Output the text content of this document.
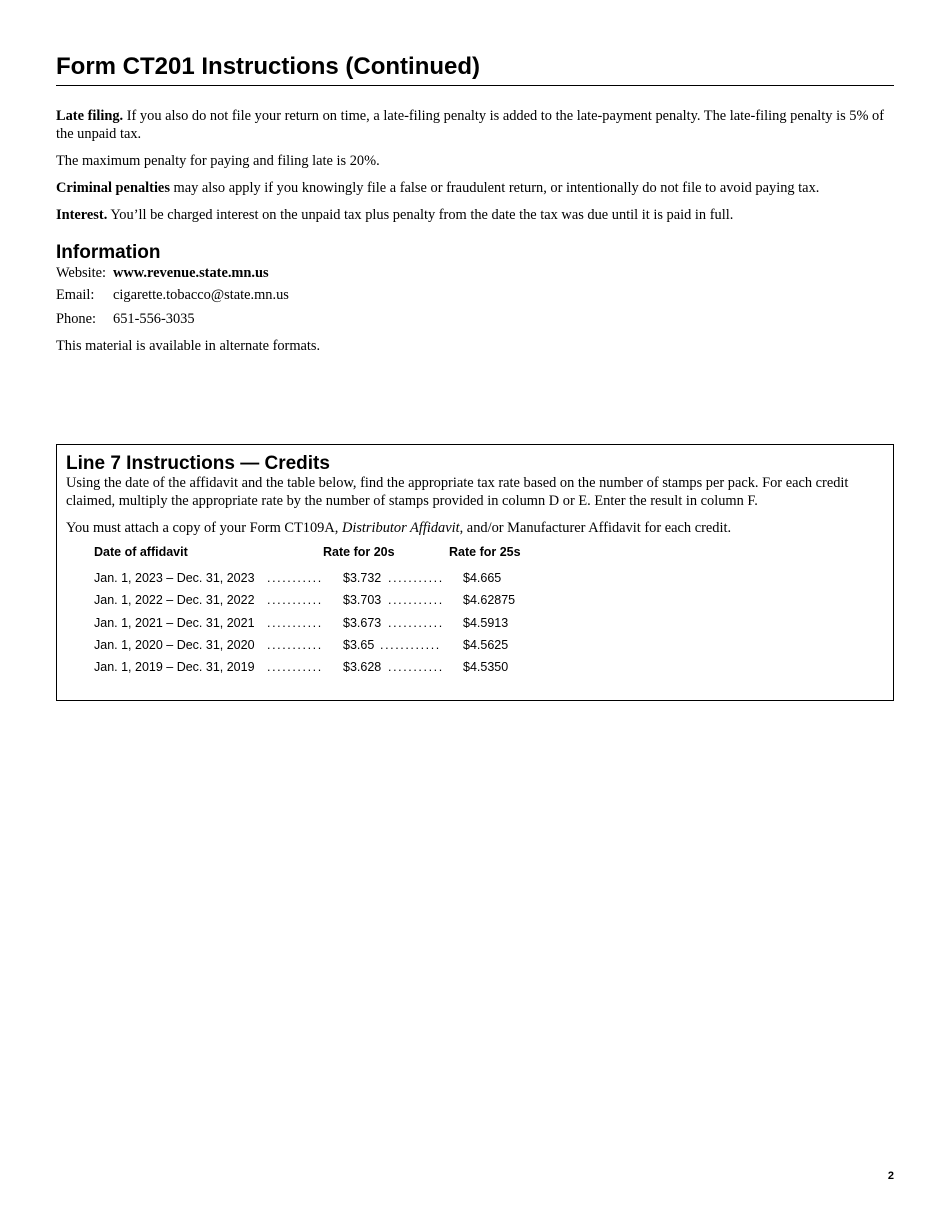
Form CT201 Instructions (Continued)

Late filing. If you also do not file your return on time, a late-filing penalty is added to the late-payment penalty. The late-filing penalty is 5% of the unpaid tax.

The maximum penalty for paying and filing late is 20%.

Criminal penalties may also apply if you knowingly file a false or fraudulent return, or intentionally do not file to avoid paying tax.

Interest. You’ll be charged interest on the unpaid tax plus penalty from the date the tax was due until it is paid in full.

Information
Website: www.revenue.state.mn.us
Email: cigarette.tobacco@state.mn.us
Phone: 651-556-3035

This material is available in alternate formats.

Line 7 Instructions — Credits

Using the date of the affidavit and the table below, find the appropriate tax rate based on the number of stamps per pack. For each credit claimed, multiply the appropriate rate by the number of stamps provided in column D or E. Enter the result in column F.

You must attach a copy of your Form CT109A, Distributor Affidavit, and/or Manufacturer Affidavit for each credit.

Date of affidavit	Rate for 20s	Rate for 25s
Jan. 1, 2023 – Dec. 31, 2023 ........... $3.732 ........... $4.665
Jan. 1, 2022 – Dec. 31, 2022 ........... $3.703 ........... $4.62875
Jan. 1, 2021 – Dec. 31, 2021 ........... $3.673 ........... $4.5913
Jan. 1, 2020 – Dec. 31, 2020 ........... $3.65 ............ $4.5625
Jan. 1, 2019 – Dec. 31, 2019 ........... $3.628 ........... $4.5350
2
